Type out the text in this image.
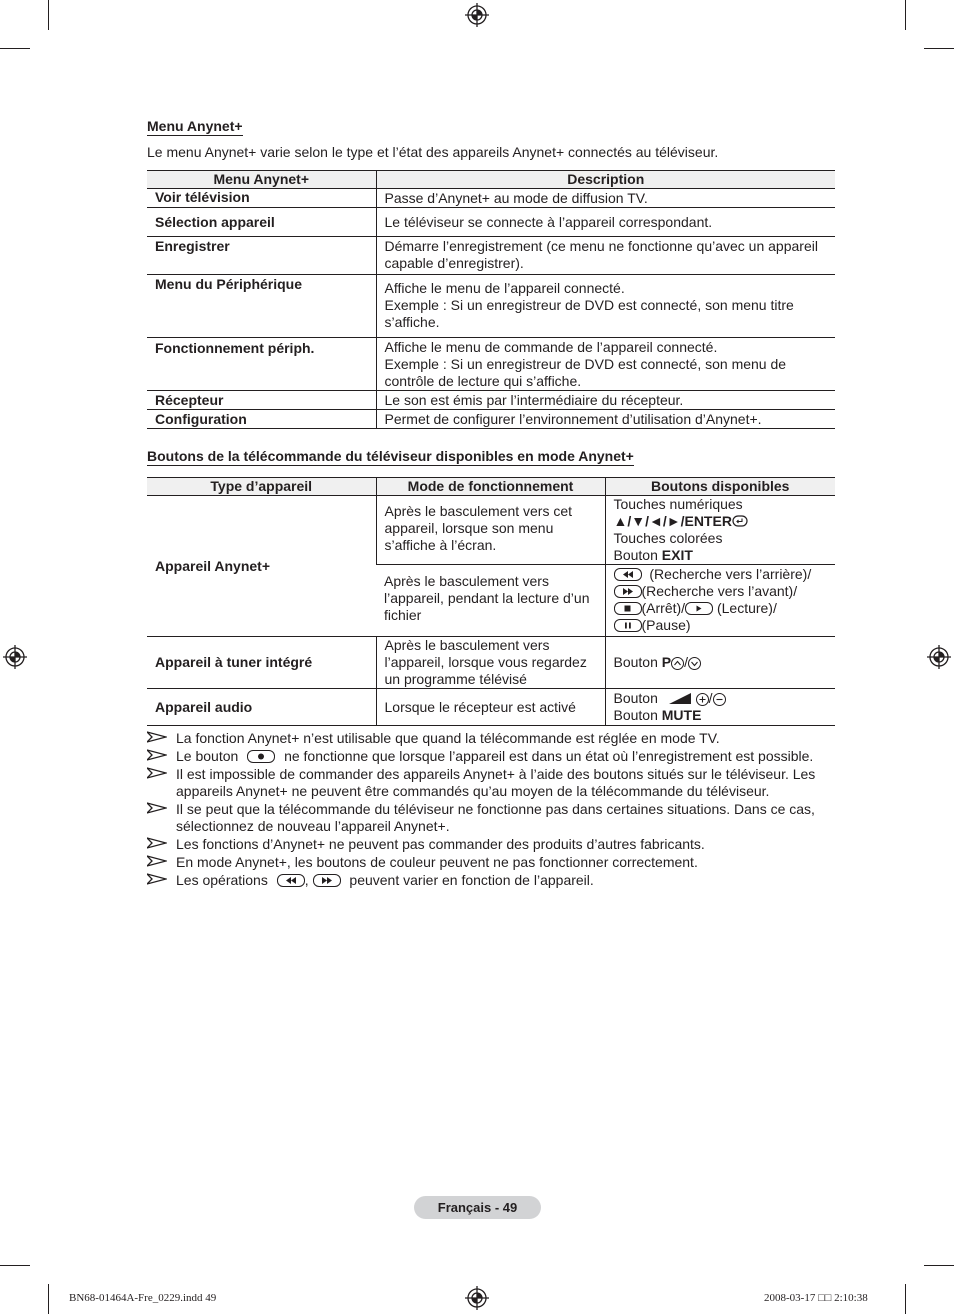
Menu Anynet+
Le menu Anynet+ varie selon le type et l’état des appareils Anynet+ connectés au téléviseur.
Menu Anynet+	Description
Voir télévision	Passe d’Anynet+ au mode de diffusion TV.
Sélection appareil	Le téléviseur se connecte à l’appareil correspondant.
Enregistrer	Démarre l’enregistrement (ce menu ne fonctionne qu’avec un appareil capable d’enregistrer).
Menu du Périphérique	Affiche le menu de l’appareil connecté.
Exemple : Si un enregistreur de DVD est connecté, son menu titre s’affiche.
Fonctionnement périph.	Affiche le menu de commande de l’appareil connecté.
Exemple : Si un enregistreur de DVD est connecté, son menu de contrôle de lecture qui s’affiche.
Récepteur	Le son est émis par l’intermédiaire du récepteur.
Configuration	Permet de configurer l’environnement d’utilisation d’Anynet+.
Boutons de la télécommande du téléviseur disponibles en mode Anynet+
Type d’appareil	Mode de fonctionnement	Boutons disponibles
Appareil Anynet+	Après le basculement vers cet appareil, lorsque son menu s’affiche à l’écran.	Touches numériques
▲/▼/◄/►/ENTER
Touches colorées
Bouton EXIT

	Après le basculement vers l’appareil, pendant la lecture d’un fichier	(Recherche vers l’arrière)/
(Recherche vers l’avant)/
(Arrêt)/ (Lecture)/
(Pause)

Appareil à tuner intégré	Après le basculement vers l’appareil, lorsque vous regardez un programme télévisé	Bouton P /
Appareil audio	Lorsque le récepteur est activé	Bouton /
Bouton MUTE
La fonction Anynet+ n’est utilisable que quand la télécommande est réglée en mode TV.
Le bouton	ne fonctionne que lorsque l’appareil est dans un état où l’enregistrement est possible.
Il est impossible de commander des appareils Anynet+ à l’aide des boutons situés sur le téléviseur. Les appareils Anynet+ ne peuvent être commandés qu’au moyen de la télécommande du téléviseur.
Il se peut que la télécommande du téléviseur ne fonctionne pas dans certaines situations. Dans ce cas, sélectionnez de nouveau l’appareil Anynet+.
Les fonctions d’Anynet+ ne peuvent pas commander des produits d’autres fabricants.
En mode Anynet+, les boutons de couleur peuvent ne pas fonctionner correctement.
Les opérations	,	peuvent varier en fonction de l’appareil.
Français - 49
BN68-01464A-Fre_0229.indd 49	2008-03-17 □□ 2:10:38
